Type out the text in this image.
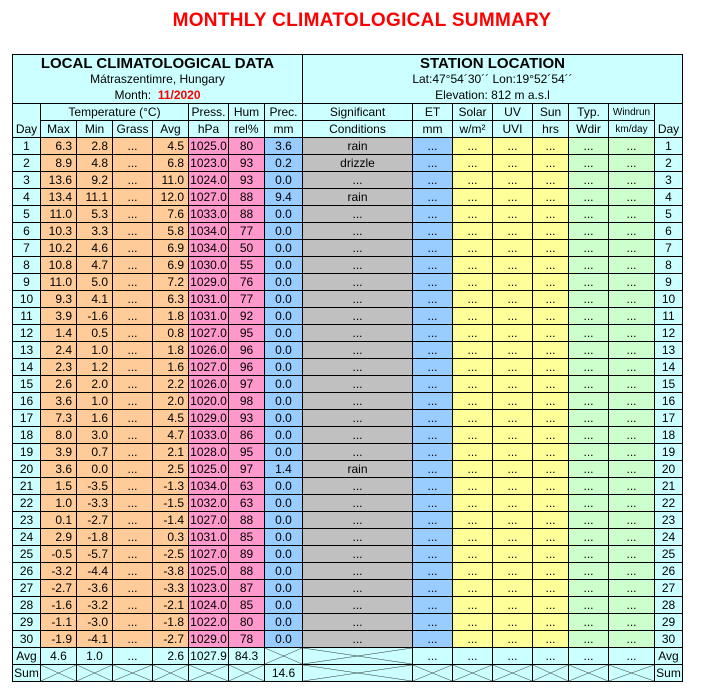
MONTHLY CLIMATOLOGICAL SUMMARY
LOCAL CLIMATOLOGICAL DATA								STATION LOCATION							
Mátraszentimre, Hungary								Lat:47°54´30´´ Lon:19°52´54´´							
Month: 11/2020								Elevation: 812 m a.s.l							
Day	Temperature (°C)				Press.	Hum	Prec.	Significant	ET	Solar	UV	Sun	Typ.	Windrun	Day
	Max	Min	Grass	Avg	hPa	rel%	mm	Conditions	mm	w/m²	UVI	hrs	Wdir	km/day	
1	6.3	2.8	...	4.5	1025.0	80	3.6	rain	...	...	...	...	...	...	1
2	8.9	4.8	...	6.8	1023.0	93	0.2	drizzle	...	...	...	...	...	...	2
3	13.6	9.2	...	11.0	1024.0	93	0.0	...	...	...	...	...	...	...	3
4	13.4	11.1	...	12.0	1027.0	88	9.4	rain	...	...	...	...	...	...	4
5	11.0	5.3	...	7.6	1033.0	88	0.0	...	...	...	...	...	...	...	5
6	10.3	3.3	...	5.8	1034.0	77	0.0	...	...	...	...	...	...	...	6
7	10.2	4.6	...	6.9	1034.0	50	0.0	...	...	...	...	...	...	...	7
8	10.8	4.7	...	6.9	1030.0	55	0.0	...	...	...	...	...	...	...	8
9	11.0	5.0	...	7.2	1029.0	76	0.0	...	...	...	...	...	...	...	9
10	9.3	4.1	...	6.3	1031.0	77	0.0	...	...	...	...	...	...	...	10
11	3.9	-1.6	...	1.8	1031.0	92	0.0	...	...	...	...	...	...	...	11
12	1.4	0.5	...	0.8	1027.0	95	0.0	...	...	...	...	...	...	...	12
13	2.4	1.0	...	1.8	1026.0	96	0.0	...	...	...	...	...	...	...	13
14	2.3	1.2	...	1.6	1027.0	96	0.0	...	...	...	...	...	...	...	14
15	2.6	2.0	...	2.2	1026.0	97	0.0	...	...	...	...	...	...	...	15
16	3.6	1.0	...	2.0	1020.0	98	0.0	...	...	...	...	...	...	...	16
17	7.3	1.6	...	4.5	1029.0	93	0.0	...	...	...	...	...	...	...	17
18	8.0	3.0	...	4.7	1033.0	86	0.0	...	...	...	...	...	...	...	18
19	3.9	0.7	...	2.1	1028.0	95	0.0	...	...	...	...	...	...	...	19
20	3.6	0.0	...	2.5	1025.0	97	1.4	rain	...	...	...	...	...	...	20
21	1.5	-3.5	...	-1.3	1034.0	63	0.0	...	...	...	...	...	...	...	21
22	1.0	-3.3	...	-1.5	1032.0	63	0.0	...	...	...	...	...	...	...	22
23	0.1	-2.7	...	-1.4	1027.0	88	0.0	...	...	...	...	...	...	...	23
24	2.9	-1.8	...	0.3	1031.0	85	0.0	...	...	...	...	...	...	...	24
25	-0.5	-5.7	...	-2.5	1027.0	89	0.0	...	...	...	...	...	...	...	25
26	-3.2	-4.4	...	-3.8	1025.0	88	0.0	...	...	...	...	...	...	...	26
27	-2.7	-3.6	...	-3.3	1023.0	87	0.0	...	...	...	...	...	...	...	27
28	-1.6	-3.2	...	-2.1	1024.0	85	0.0	...	...	...	...	...	...	...	28
29	-1.1	-3.0	...	-1.8	1022.0	80	0.0	...	...	...	...	...	...	...	29
30	-1.9	-4.1	...	-2.7	1029.0	78	0.0	...	...	...	...	...	...	...	30
Avg	4.6	1.0	...	2.6	1027.9	84.3			...	...	...	...	...	...	Avg
Sum							14.6								Sum
